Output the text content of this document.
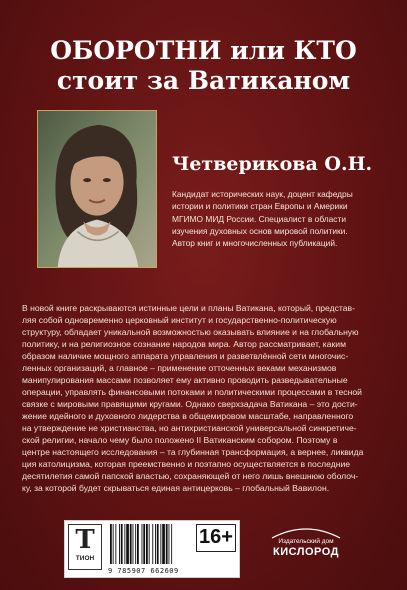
ОБОРОТНИ или КТО
стоит за Ватиканом
Четверикова О.Н.
Кандидат исторических наук, доцент кафедры
истории и политики стран Европы и Америки
МГИМО МИД России. Специалист в области
изучения духовных основ мировой политики.
Автор книг и многочисленных публикаций.
В новой книге раскрываются истинные цели и планы Ватикана, который, представ-
ляя собой одновременно церковный институт и государственно-политическую
структуру, обладает уникальной возможностью оказывать влияние и на глобальную
политику, и на религиозное сознание народов мира. Автор рассматривает, каким
образом наличие мощного аппарата управления и разветвлённой сети многочис-
ленных организаций, а главное – применение отточенных веками механизмов
манипулирования массами позволяет ему активно проводить разведывательные
операции, управлять финансовыми потоками и политическими процессами в тесной
связке с мировыми правящими кругами. Однако сверхзадача Ватикана – это дости-
жение идейного и духовного лидерства в общемировом масштабе, направленного
на утверждение не христианства, но антихристианской универсальной синкретиче-
ской религии, начало чему было положено II Ватиканским собором. Поэтому в
центре настоящего исследования – та глубинная трансформация, а вернее, ликвида
ция католицизма, которая преемственно и поэтапно осуществляется в последние
десятилетия самой папской властью, сохраняющей от него лишь внешнюю оболоч-
ку, за которой будет скрываться единая антицерковь – глобальный Вавилон.
Т
ТИОН
9 785907 662609
16+	Издательский дом
КИСЛОРОД
